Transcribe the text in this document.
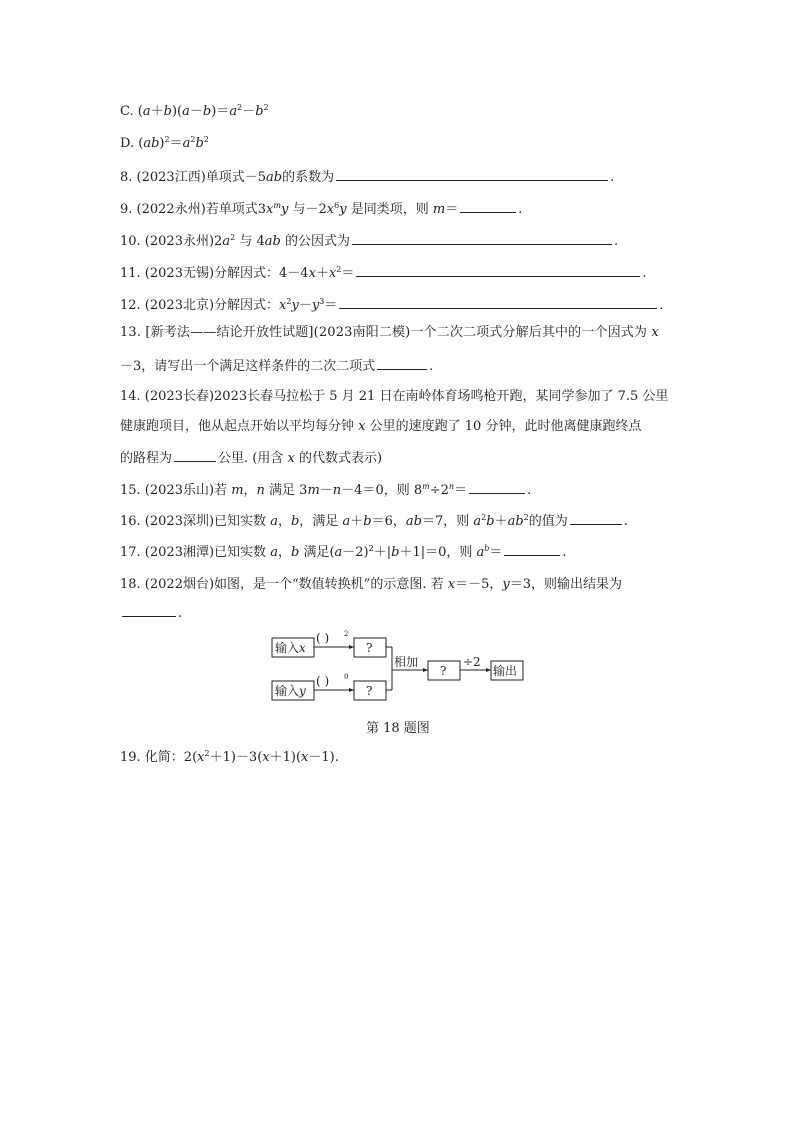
C. $(a+b)(a-b)=a^2-b^2$
D. $(ab)^2=a^2b^2$
8. (2023江西)单项式－5ab的系数为	.
9. (2022永州)若单项式$3x^my$ 与$-2x^6y$ 是同类项，则 m＝	.
10. (2023永州)$2a^2$ 与 4ab 的公因式为	.
11. (2023无锡)分解因式：$4-4x+x^2=$	.
12. (2023北京)分解因式：$x^2y-y^3=$	.
13. [新考法——结论开放性试题](2023南阳二模)一个二次二项式分解后其中的一个因式为 x
－3，请写出一个满足这样条件的二次二项式	.
14. (2023长春)2023长春马拉松于 5 月 21 日在南岭体育场鸣枪开跑，某同学参加了 7.5 公里
健康跑项目，他从起点开始以平均每分钟 x 公里的速度跑了 10 分钟，此时他离健康跑终点
的路程为	公里. (用含 x 的代数式表示)
15. (2023乐山)若 m，n 满足 3m－n－4＝0，则 $8^m\div 2^n=$	.
16. (2023深圳)已知实数 a，b，满足 a＋b＝6，ab＝7，则 $a^2b+ab^2$的值为	.
17. (2023湘潭)已知实数 a，b 满足$(a-2)^2+|b+1|=0$，则 $a^b=$	.
18. (2022烟台)如图，是一个“数值转换机”的示意图. 若 x＝－5，y＝3，则输出结果为
.
输入x
输入y
( ) 2
( ) 0
?
?
?
相加	÷2
输出
第 18 题图
19. 化简：$2(x^2+1)-3(x+1)(x-1)$.
